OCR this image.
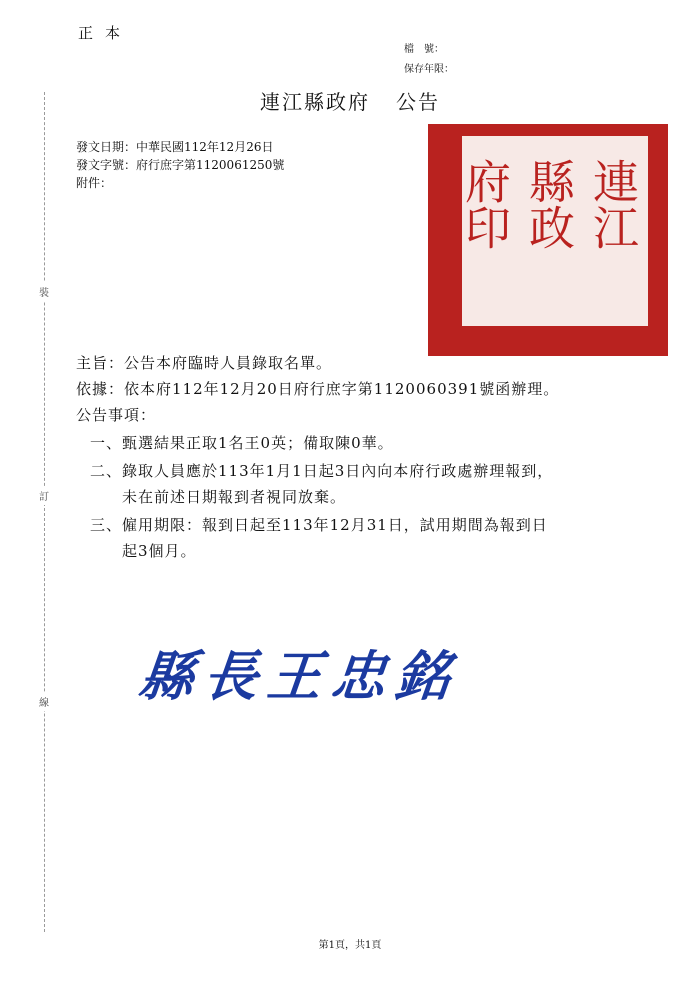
正本
檔　號：
保存年限：
連江縣政府 公告
發文日期：中華民國112年12月26日
發文字號：府行庶字第1120061250號
附件：
裝
訂
線
連江
縣政
府印
主旨：公告本府臨時人員錄取名單。
依據：依本府112年12月20日府行庶字第1120060391號函辦理。
公告事項：
一、甄選結果正取1名王0英；備取陳0華。
二、錄取人員應於113年1月1日起3日內向本府行政處辦理報到，
未在前述日期報到者視同放棄。
三、僱用期限：報到日起至113年12月31日，試用期間為報到日
起3個月。
縣長王忠銘
第1頁，共1頁
